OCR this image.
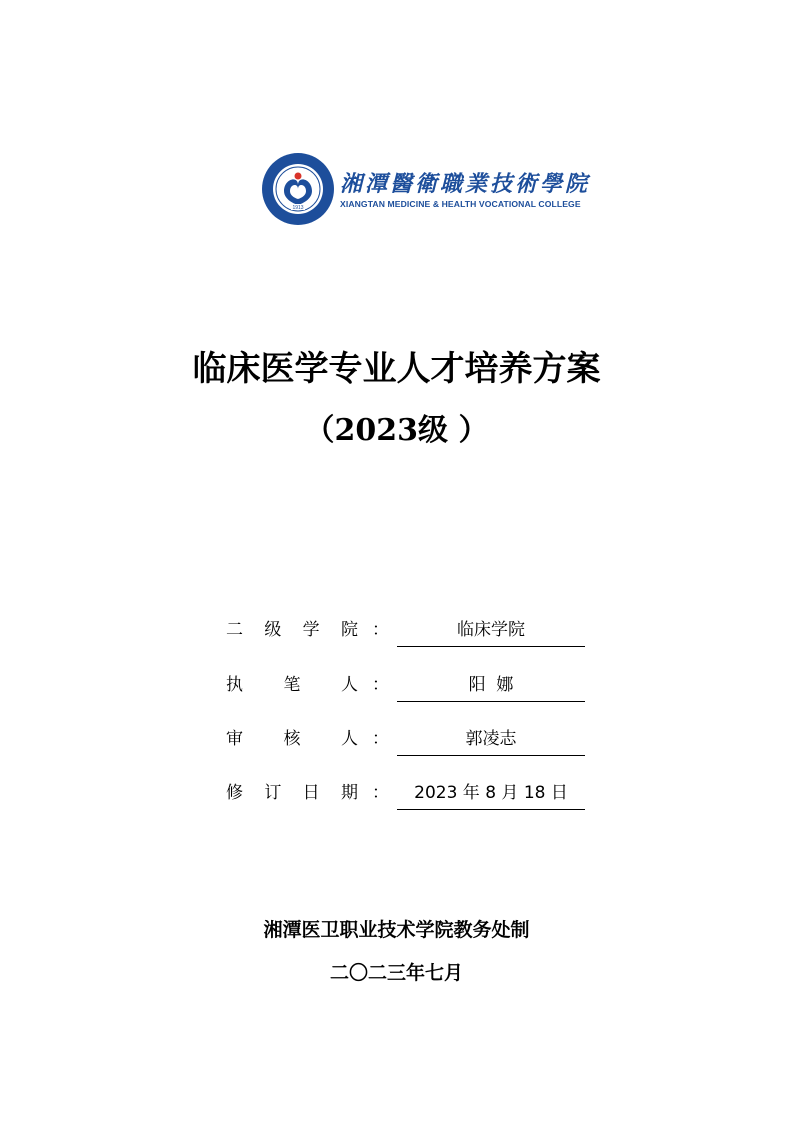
1913
湘潭醫衛職業技術學院
XIANGTAN MEDICINE & HEALTH VOCATIONAL COLLEGE
临床医学专业人才培养方案
（2023级 ）
二 级 学 院 ：	临床学院
执 笔 人 ：	阳  娜
审 核 人 ：	郭凌志
修 订 日 期 ：	2023 年 8 月 18 日
湘潭医卫职业技术学院教务处制
二〇二三年七月
